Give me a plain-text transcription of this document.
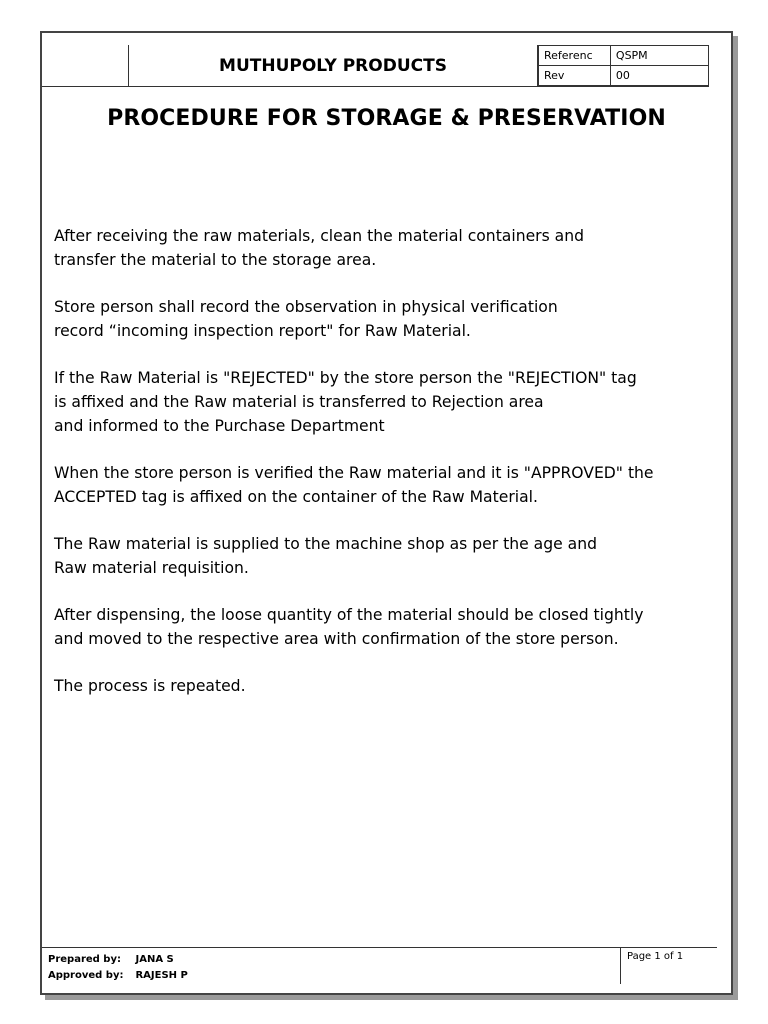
MUTHUPOLY PRODUCTS	Referenc	QSPM
Rev	00
PROCEDURE FOR STORAGE & PRESERVATION

After receiving the raw materials, clean the material containers and
transfer the material to the storage area.

Store person shall record the observation in physical verification
record “incoming inspection report" for Raw Material.

If the Raw Material is "REJECTED" by the store person the "REJECTION" tag
is affixed and the Raw material is transferred to Rejection area
and informed to the Purchase Department

When the store person is verified the Raw material and it is "APPROVED" the
ACCEPTED tag is affixed on the container of the Raw Material.

The Raw material is supplied to the machine shop as per the age and
Raw material requisition.

After dispensing, the loose quantity of the material should be closed tightly
and moved to the respective area with confirmation of the store person.

The process is repeated.

Prepared by: JANA S
Approved by: RAJESH P
Page 1 of 1
